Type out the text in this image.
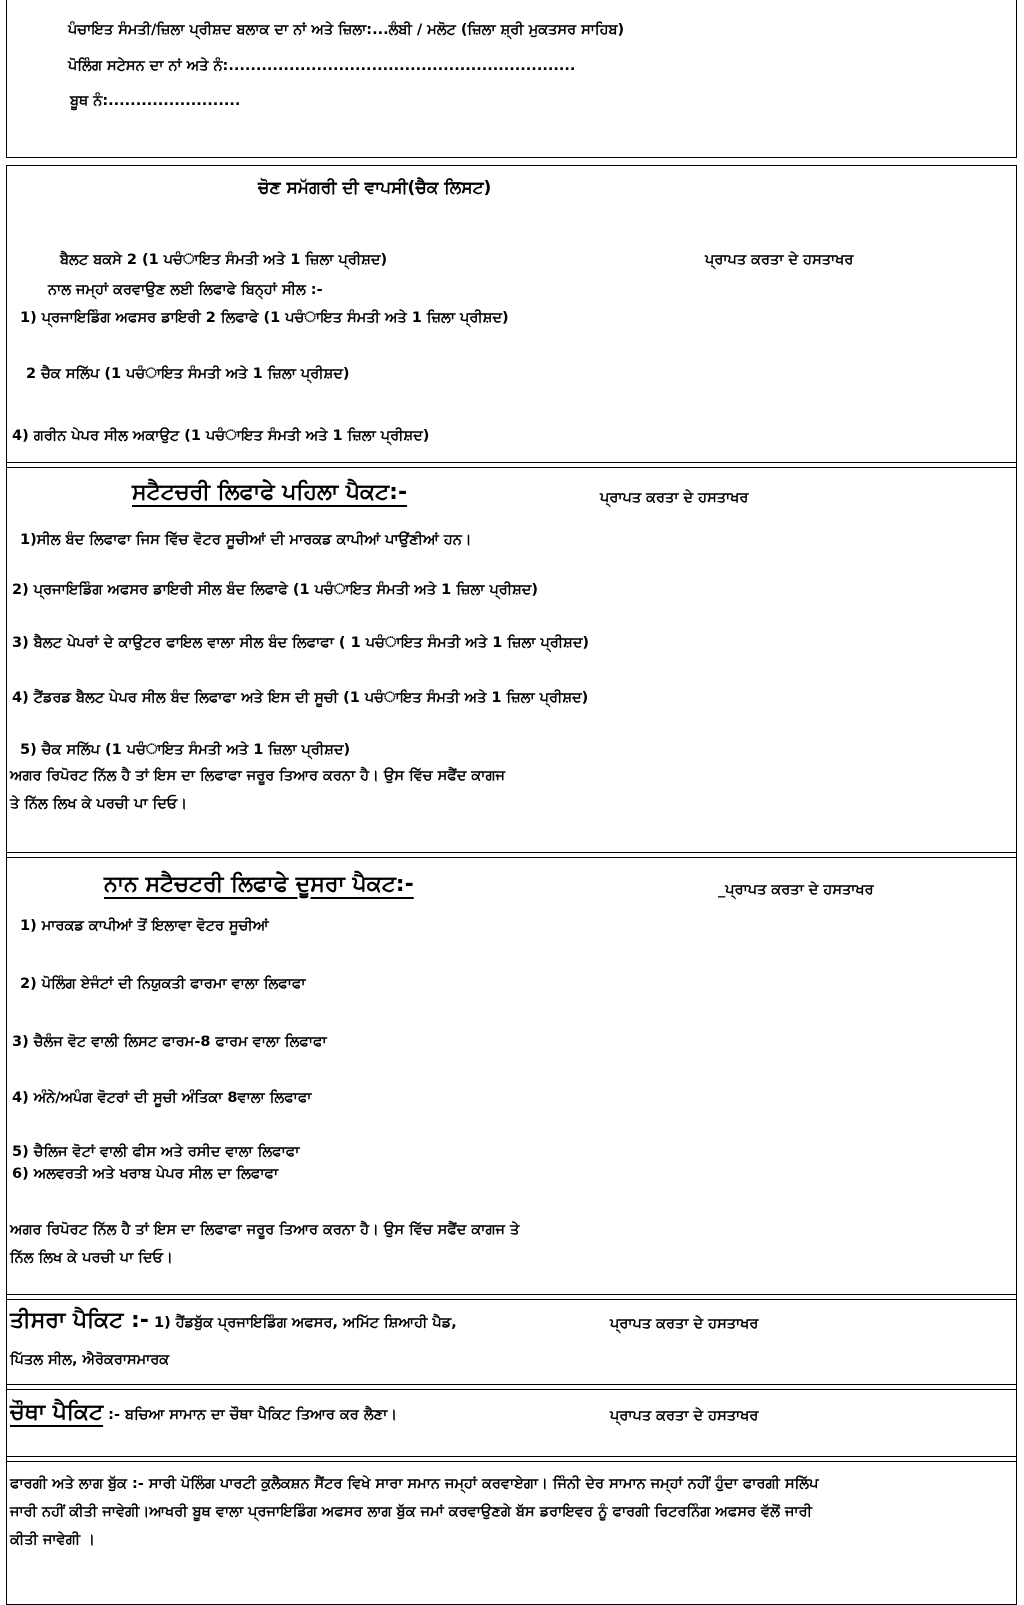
ਪੰਚਾਇਤ ਸੰਮਤੀ/ਜ਼ਿਲਾ ਪ੍ਰੀਸ਼ਦ ਬਲਾਕ ਦਾ ਨਾਂ ਅਤੇ ਜ਼ਿਲਾ:...ਲੰਬੀ / ਮਲੋਟ (ਜ਼ਿਲਾ ਸ਼੍ਰੀ ਮੁਕਤਸਰ ਸਾਹਿਬ)
ਪੋਲਿੰਗ ਸਟੇਸਨ ਦਾ ਨਾਂ ਅਤੇ ਨੰ:...............................................................
ਬੂਥ ਨੰ:........................
ਚੋਣ ਸਮੱਗਰੀ ਦੀ ਵਾਪਸੀ(ਚੈਕ ਲਿਸਟ)
ਬੈਲਟ ਬਕਸੇ 2 (1 ਪਚੰਾਇਤ ਸੰਮਤੀ ਅਤੇ 1 ਜ਼ਿਲਾ ਪ੍ਰੀਸ਼ਦ)	ਪ੍ਰਾਪਤ ਕਰਤਾ ਦੇ ਹਸਤਾਖਰ
ਨਾਲ ਜਮ੍ਹਾਂ ਕਰਵਾਉਣ ਲਈ ਲਿਫਾਫੇ ਬਿਨ੍ਹਾਂ ਸੀਲ :-
1) ਪ੍ਰਜਾਇਡਿੰਗ ਅਫਸਰ ਡਾਇਰੀ 2 ਲਿਫਾਫੇ (1 ਪਚੰਾਇਤ ਸੰਮਤੀ ਅਤੇ 1 ਜ਼ਿਲਾ ਪ੍ਰੀਸ਼ਦ)
2 ਚੈਕ ਸਲਿੱਪ (1 ਪਚੰਾਇਤ ਸੰਮਤੀ ਅਤੇ 1 ਜ਼ਿਲਾ ਪ੍ਰੀਸ਼ਦ)
4) ਗਰੀਨ ਪੇਪਰ ਸੀਲ ਅਕਾਉਟ (1 ਪਚੰਾਇਤ ਸੰਮਤੀ ਅਤੇ 1 ਜ਼ਿਲਾ ਪ੍ਰੀਸ਼ਦ)
ਸਟੈਟਚਰੀ ਲਿਫਾਫੇ ਪਹਿਲਾ ਪੈਕਟ:-	ਪ੍ਰਾਪਤ ਕਰਤਾ ਦੇ ਹਸਤਾਖਰ
1)ਸੀਲ ਬੰਦ ਲਿਫਾਫਾ ਜਿਸ ਵਿੱਚ ਵੋਟਰ ਸੂਚੀਆਂ ਦੀ ਮਾਰਕਡ ਕਾਪੀਆਂ ਪਾਉਂਣੀਆਂ ਹਨ।
2) ਪ੍ਰਜਾਇਡਿੰਗ ਅਫਸਰ ਡਾਇਰੀ ਸੀਲ ਬੰਦ ਲਿਫਾਫੇ (1 ਪਚੰਾਇਤ ਸੰਮਤੀ ਅਤੇ 1 ਜ਼ਿਲਾ ਪ੍ਰੀਸ਼ਦ)
3) ਬੈਲਟ ਪੇਪਰਾਂ ਦੇ ਕਾਉਟਰ ਫਾਇਲ ਵਾਲਾ ਸੀਲ ਬੰਦ ਲਿਫਾਫਾ ( 1 ਪਚੰਾਇਤ ਸੰਮਤੀ ਅਤੇ 1 ਜ਼ਿਲਾ ਪ੍ਰੀਸ਼ਦ)
4) ਟੈਂਡਰਡ ਬੈਲਟ ਪੇਪਰ ਸੀਲ ਬੰਦ ਲਿਫਾਫਾ ਅਤੇ ਇਸ ਦੀ ਸੂਚੀ (1 ਪਚੰਾਇਤ ਸੰਮਤੀ ਅਤੇ 1 ਜ਼ਿਲਾ ਪ੍ਰੀਸ਼ਦ)
5) ਚੈਕ ਸਲਿੱਪ (1 ਪਚੰਾਇਤ ਸੰਮਤੀ ਅਤੇ 1 ਜ਼ਿਲਾ ਪ੍ਰੀਸ਼ਦ)
ਅਗਰ ਰਿਪੋਰਟ ਨਿੱਲ ਹੈ ਤਾਂ ਇਸ ਦਾ ਲਿਫਾਫਾ ਜਰੂਰ ਤਿਆਰ ਕਰਨਾ ਹੈ। ਉਸ ਵਿੱਚ ਸਫੈਂਦ ਕਾਗਜ
ਤੇ ਨਿੱਲ ਲਿਖ ਕੇ ਪਰਚੀ ਪਾ ਦਿਓ।
ਨਾਨ ਸਟੈਚਟਰੀ ਲਿਫਾਫੇ ਦੂਸਰਾ ਪੈਕਟ:-	_ਪ੍ਰਾਪਤ ਕਰਤਾ ਦੇ ਹਸਤਾਖਰ
1) ਮਾਰਕਡ ਕਾਪੀਆਂ ਤੋਂ ਇਲਾਵਾ ਵੋਟਰ ਸੂਚੀਆਂ
2) ਪੋਲਿੰਗ ਏਜੰਟਾਂ ਦੀ ਨਿਯੁਕਤੀ ਫਾਰਮਾ ਵਾਲਾ ਲਿਫਾਫਾ
3) ਚੈਲੰਜ ਵੋਟ ਵਾਲੀ ਲਿਸਟ ਫਾਰਮ-8 ਫਾਰਮ ਵਾਲਾ ਲਿਫਾਫਾ
4) ਅੰਨੇ/ਅਪੰਗ ਵੋਟਰਾਂ ਦੀ ਸੂਚੀ ਅੰਤਿਕਾ 8ਵਾਲਾ ਲਿਫਾਫਾ
5) ਚੈਲਿਜ ਵੋਟਾਂ ਵਾਲੀ ਫੀਸ ਅਤੇ ਰਸੀਦ ਵਾਲਾ ਲਿਫਾਫਾ
6) ਅਲਵਰਤੀ ਅਤੇ ਖਰਾਬ ਪੇਪਰ ਸੀਲ ਦਾ ਲਿਫਾਫਾ
ਅਗਰ ਰਿਪੋਰਟ ਨਿੱਲ ਹੈ ਤਾਂ ਇਸ ਦਾ ਲਿਫਾਫਾ ਜਰੂਰ ਤਿਆਰ ਕਰਨਾ ਹੈ। ਉਸ ਵਿੱਚ ਸਫੈਂਦ ਕਾਗਜ ਤੇ
ਨਿੱਲ ਲਿਖ ਕੇ ਪਰਚੀ ਪਾ ਦਿਓ।
ਤੀਸਰਾ ਪੈਕਿਟ :- 1) ਹੈਂਡਬੁੱਕ ਪ੍ਰਜਾਇਡਿੰਗ ਅਫਸਰ, ਅਮਿੱਟ ਸ਼ਿਆਹੀ ਪੈਡ,	ਪ੍ਰਾਪਤ ਕਰਤਾ ਦੇ ਹਸਤਾਖਰ
ਪਿੱਤਲ ਸੀਲ, ਐਰੋਕਰਾਸਮਾਰਕ
ਚੌਥਾ ਪੈਕਿਟ :- ਬਚਿਆ ਸਾਮਾਨ ਦਾ ਚੌਥਾ ਪੈਕਿਟ ਤਿਆਰ ਕਰ ਲੈਣਾ।	ਪ੍ਰਾਪਤ ਕਰਤਾ ਦੇ ਹਸਤਾਖਰ
ਫਾਰਗੀ ਅਤੇ ਲਾਗ ਬੁੱਕ :- ਸਾਰੀ ਪੋਲਿੰਗ ਪਾਰਟੀ ਕੁਲੈਕਸ਼ਨ ਸੈਂਟਰ ਵਿਖੇ ਸਾਰਾ ਸਮਾਨ ਜਮ੍ਹਾਂ ਕਰਵਾਏਗਾ। ਜਿੰਨੀ ਦੇਰ ਸਾਮਾਨ ਜਮ੍ਹਾਂ ਨਹੀਂ ਹੁੰਦਾ ਫਾਰਗੀ ਸਲਿੱਪ
ਜਾਰੀ ਨਹੀਂ ਕੀਤੀ ਜਾਵੇਗੀ।ਆਖਰੀ ਬੂਥ ਵਾਲਾ ਪ੍ਰਜਾਇਡਿੰਗ ਅਫਸਰ ਲਾਗ ਬੁੱਕ ਜਮਾਂ ਕਰਵਾਉਣਗੇ ਬੱਸ ਡਰਾਇਵਰ ਨੂੰ ਫਾਰਗੀ ਰਿਟਰਨਿੰਗ ਅਫਸਰ ਵੱਲੋਂ ਜਾਰੀ
ਕੀਤੀ ਜਾਵੇਗੀ ।
